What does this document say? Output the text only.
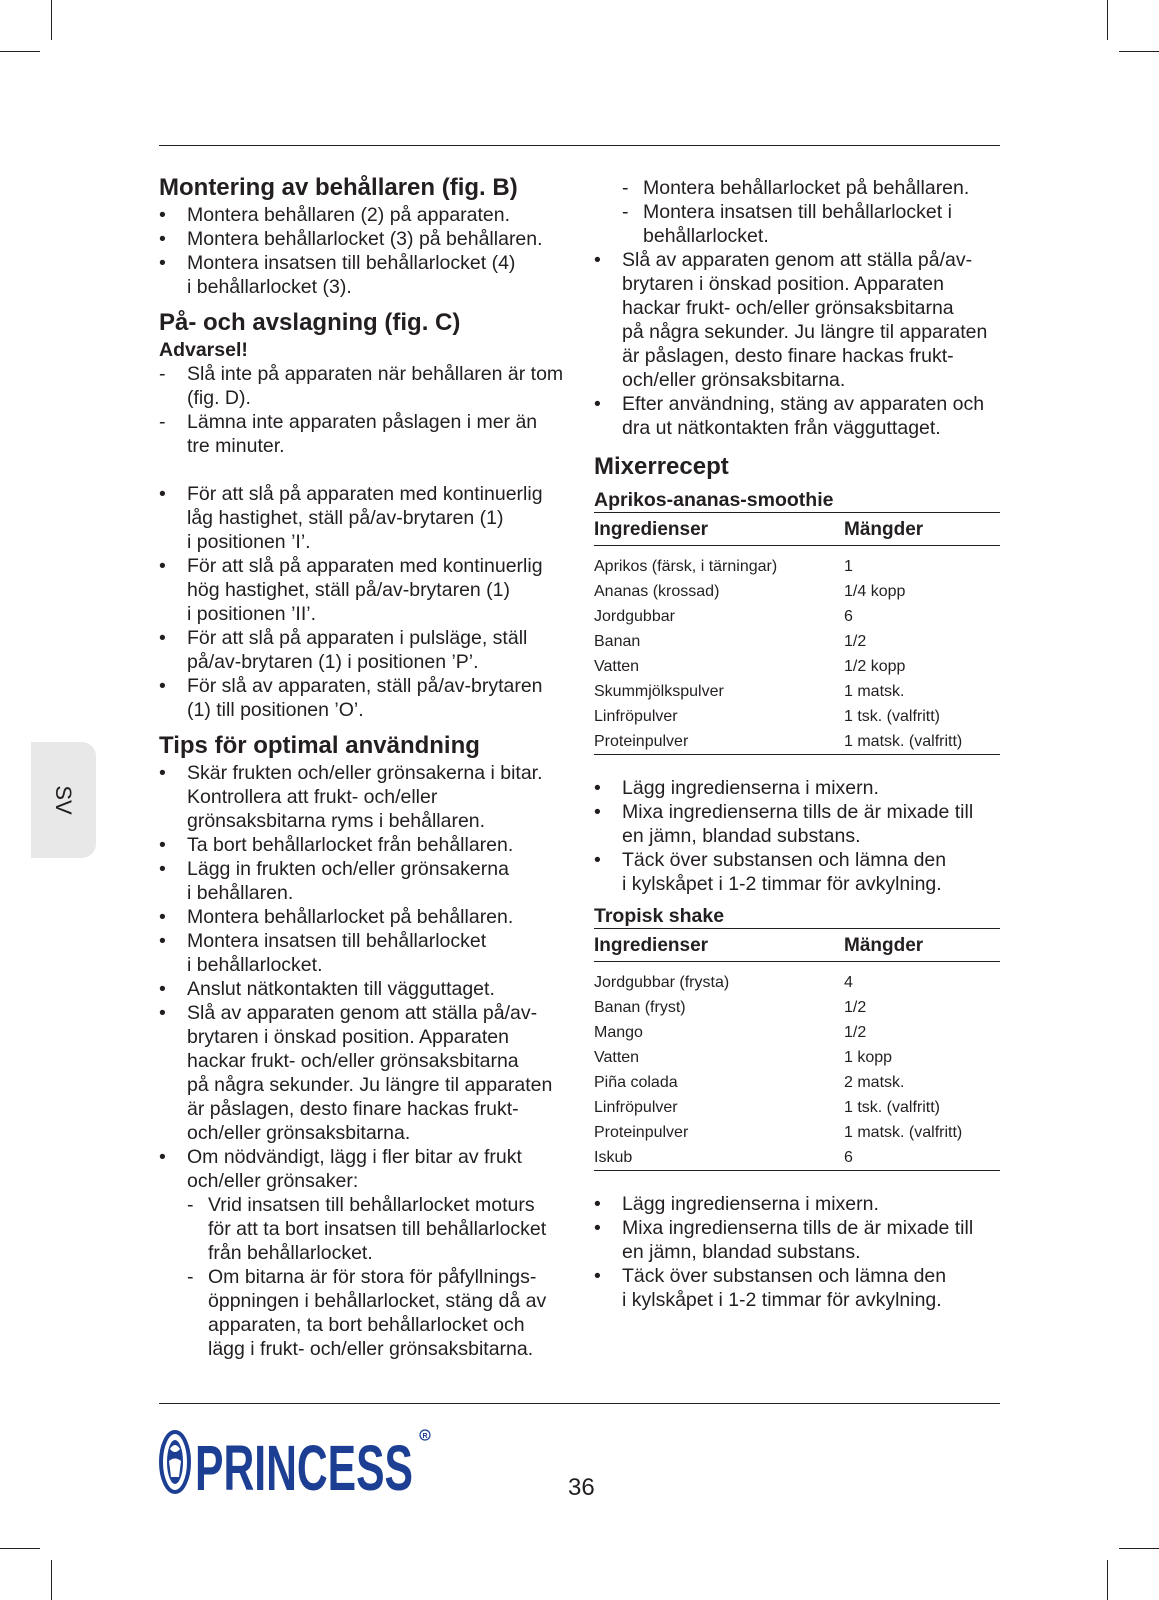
SV
Montering av behållaren (fig. B)
• Montera behållaren (2) på apparaten.
• Montera behållarlocket (3) på behållaren.
• Montera insatsen till behållarlocket (4)
i behållarlocket (3).
På- och avslagning (fig. C)
Advarsel!
- Slå inte på apparaten när behållaren är tom
(fig. D).
- Lämna inte apparaten påslagen i mer än
tre minuter.
• För att slå på apparaten med kontinuerlig
låg hastighet, ställ på/av-brytaren (1)
i positionen ’I’.
• För att slå på apparaten med kontinuerlig
hög hastighet, ställ på/av-brytaren (1)
i positionen ’II’.
• För att slå på apparaten i pulsläge, ställ
på/av-brytaren (1) i positionen ’P’.
• För slå av apparaten, ställ på/av-brytaren
(1) till positionen ’O’.
Tips för optimal användning
• Skär frukten och/eller grönsakerna i bitar.
Kontrollera att frukt- och/eller
grönsaksbitarna ryms i behållaren.
• Ta bort behållarlocket från behållaren.
• Lägg in frukten och/eller grönsakerna
i behållaren.
• Montera behållarlocket på behållaren.
• Montera insatsen till behållarlocket
i behållarlocket.
• Anslut nätkontakten till vägguttaget.
• Slå av apparaten genom att ställa på/av-
brytaren i önskad position. Apparaten
hackar frukt- och/eller grönsaksbitarna
på några sekunder. Ju längre til apparaten
är påslagen, desto finare hackas frukt-
och/eller grönsaksbitarna.
• Om nödvändigt, lägg i fler bitar av frukt
och/eller grönsaker:
- Vrid insatsen till behållarlocket moturs
för att ta bort insatsen till behållarlocket
från behållarlocket.
- Om bitarna är för stora för påfyllnings-
öppningen i behållarlocket, stäng då av
apparaten, ta bort behållarlocket och
lägg i frukt- och/eller grönsaksbitarna.
- Montera behållarlocket på behållaren.
- Montera insatsen till behållarlocket i
behållarlocket.
• Slå av apparaten genom att ställa på/av-
brytaren i önskad position. Apparaten
hackar frukt- och/eller grönsaksbitarna
på några sekunder. Ju längre til apparaten
är påslagen, desto finare hackas frukt-
och/eller grönsaksbitarna.
• Efter användning, stäng av apparaten och
dra ut nätkontakten från vägguttaget.
Mixerrecept
Aprikos-ananas-smoothie
Ingredienser	Mängder
Aprikos (färsk, i tärningar)	1
Ananas (krossad)	1/4 kopp
Jordgubbar	6
Banan	1/2
Vatten	1/2 kopp
Skummjölkspulver	1 matsk.
Linfröpulver	1 tsk. (valfritt)
Proteinpulver	1 matsk. (valfritt)
• Lägg ingredienserna i mixern.
• Mixa ingredienserna tills de är mixade till
en jämn, blandad substans.
• Täck över substansen och lämna den
i kylskåpet i 1-2 timmar för avkylning.
Tropisk shake
Ingredienser	Mängder
Jordgubbar (frysta)	4
Banan (fryst)	1/2
Mango	1/2
Vatten	1 kopp
Piña colada	2 matsk.
Linfröpulver	1 tsk. (valfritt)
Proteinpulver	1 matsk. (valfritt)
Iskub	6
• Lägg ingredienserna i mixern.
• Mixa ingredienserna tills de är mixade till
en jämn, blandad substans.
• Täck över substansen och lämna den
i kylskåpet i 1-2 timmar för avkylning.
PRINCESS R
36
